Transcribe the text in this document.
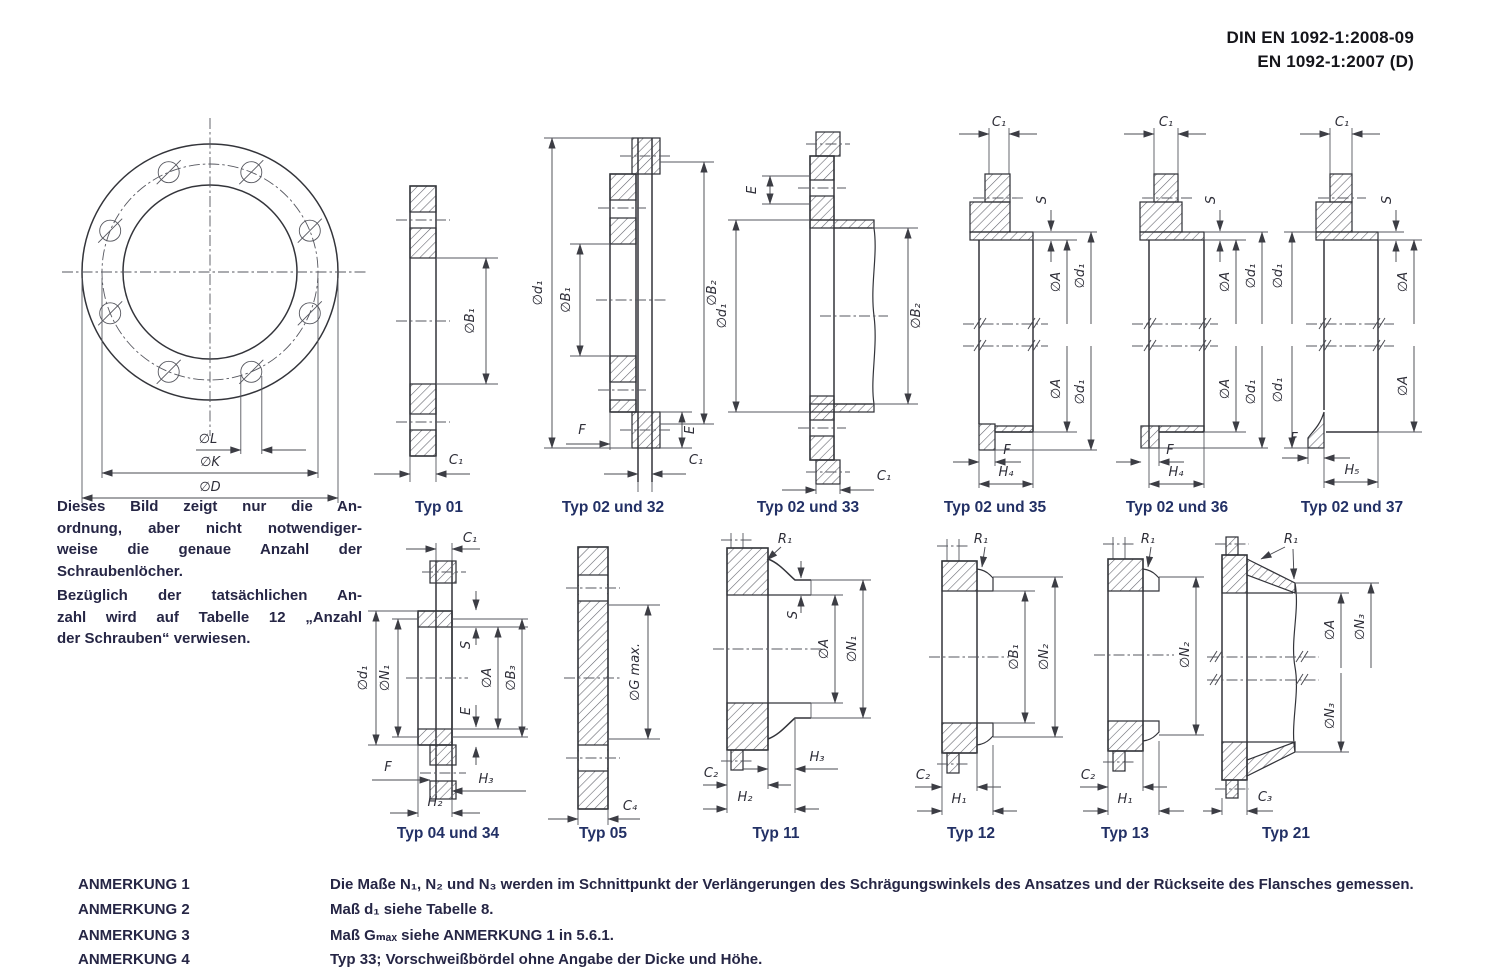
DIN EN 1092-1:2008-09
EN 1092-1:2007 (D)
∅L
∅K
∅D
Dieses Bild zeigt nur die An-
ordnung, aber nicht notwendiger-
weise die genaue Anzahl der
Schraubenlöcher.
Bezüglich der tatsächlichen An-
zahl wird auf Tabelle 12 „Anzahl
der Schrauben“ verwiesen.
∅B₁
C₁
∅d₁ ∅B₁	∅B₂
F	E
C₁
E
∅d₁	∅B₂
C₁
C₁
S
∅A
∅A
∅d₁
∅d₁
F
H₄
C₁
S
∅A
∅A
∅d₁
∅d₁
F
H₄
C₁
∅d₁
∅d₁
S
∅A
∅A
F
H₅
C₁
∅d₁ ∅N₁
S
E
∅A ∅B₃
F
H₃
H₂
∅G max.
C₄
R₁
S
∅A ∅N₁
H₃
C₂
H₂
R₁
∅B₁ ∅N₂
C₂
H₁
R₁
∅N₂
C₂
H₁
R₁
∅A ∅N₃
∅N₃
C₃
Typ 01	Typ 02 und 32	Typ 02 und 33	Typ 02 und 35	Typ 02 und 36	Typ 02 und 37
Typ 04 und 34	Typ 05	Typ 11	Typ 12	Typ 13	Typ 21
ANMERKUNG 1	Die Maße N₁, N₂ und N₃ werden im Schnittpunkt der Verlängerungen des Schrägungswinkels des Ansatzes und der Rückseite des Flansches gemessen.
ANMERKUNG 2	Maß d₁ siehe Tabelle 8.
ANMERKUNG 3	Maß Gₘₐₓ siehe ANMERKUNG 1 in 5.6.1.
ANMERKUNG 4	Typ 33; Vorschweißbördel ohne Angabe der Dicke und Höhe.
